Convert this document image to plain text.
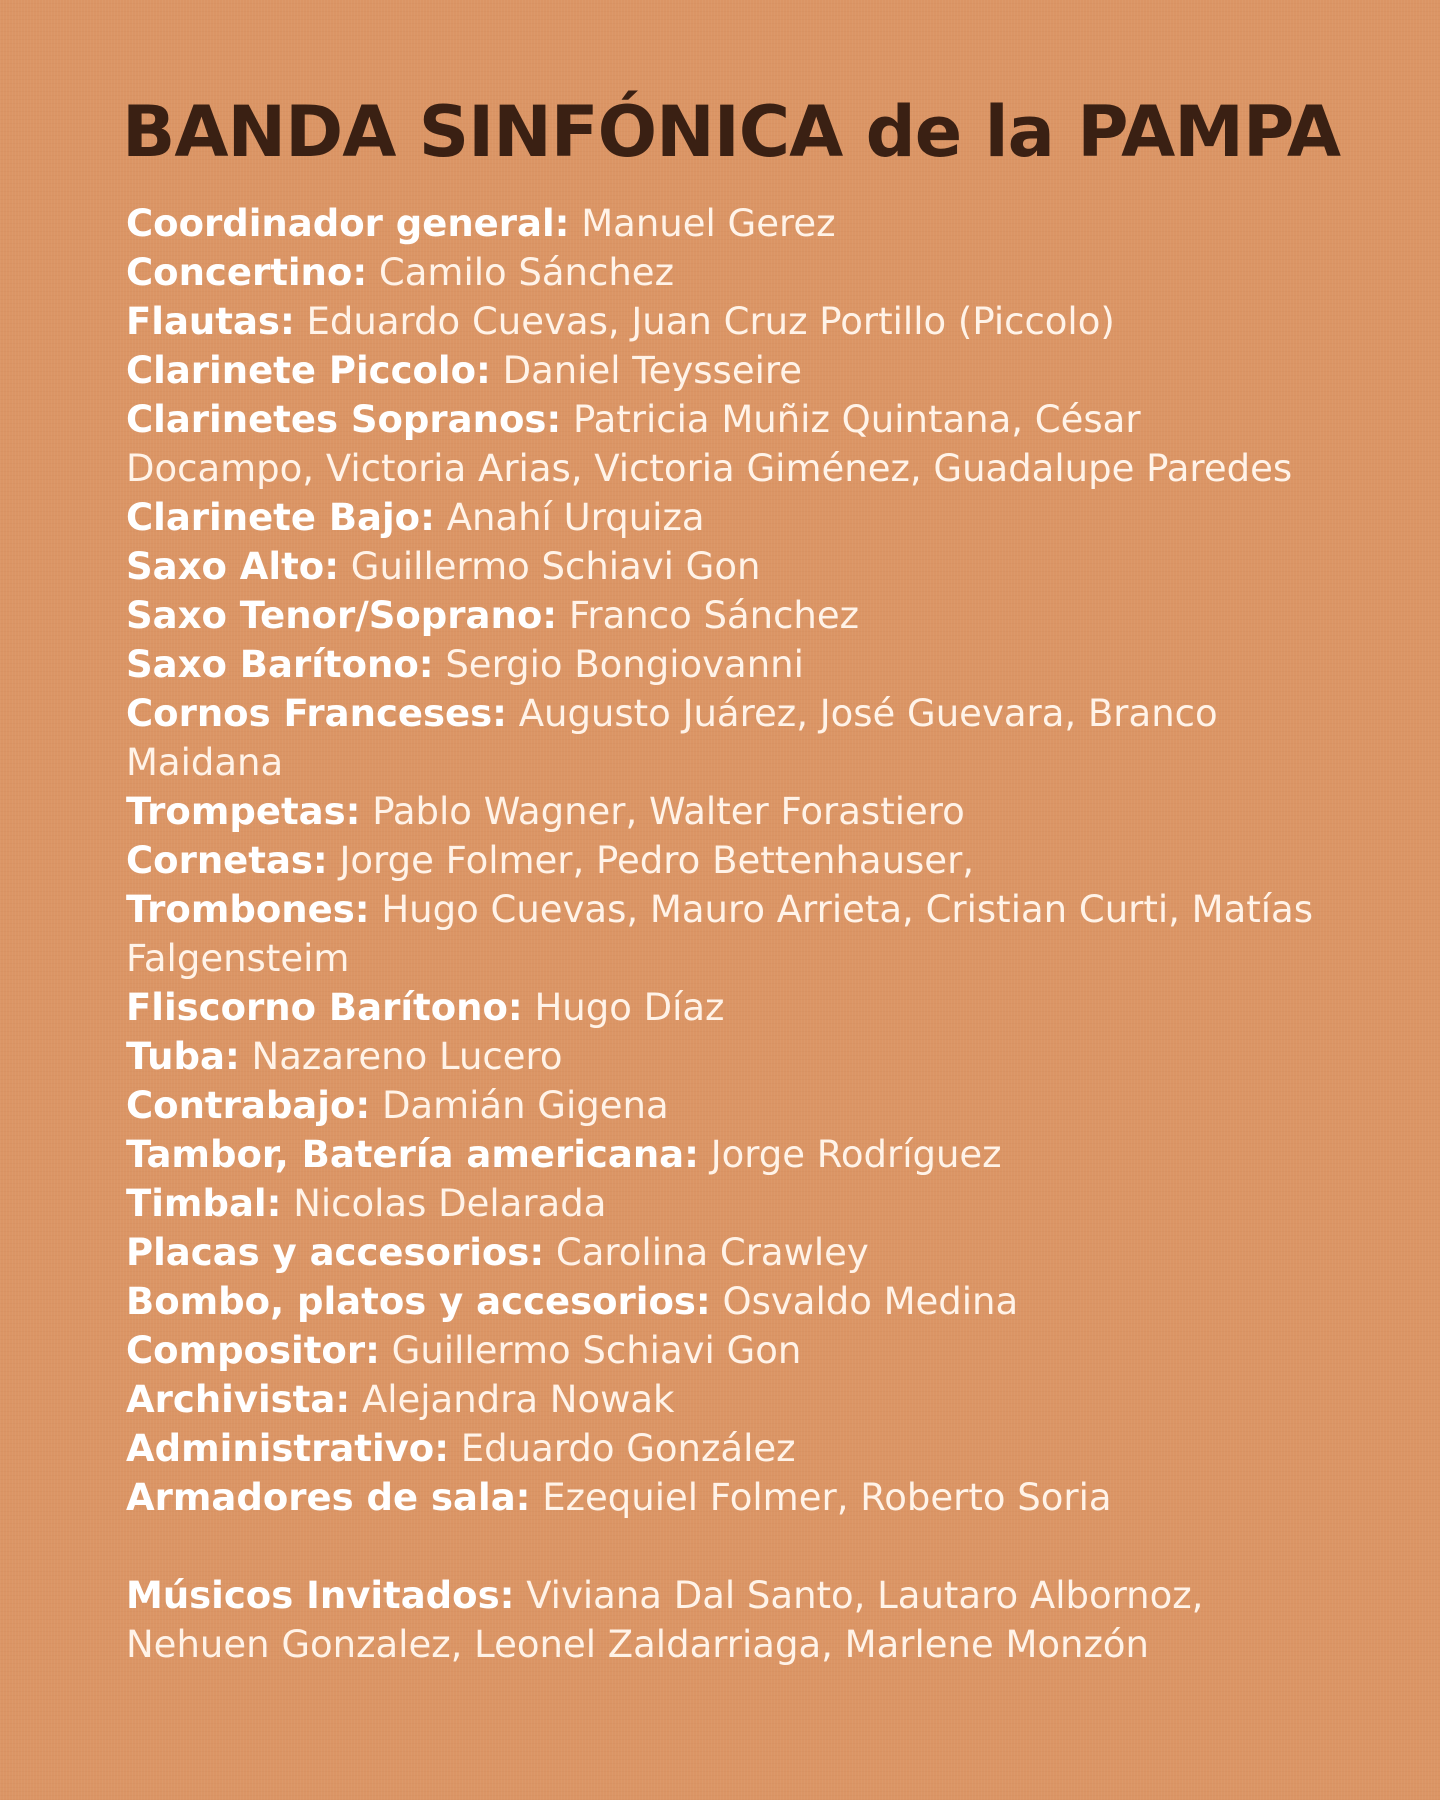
BANDA SINFÓNICA de la PAMPA
Coordinador general: Manuel Gerez
Concertino: Camilo Sánchez
Flautas: Eduardo Cuevas, Juan Cruz Portillo (Piccolo)
Clarinete Piccolo: Daniel Teysseire
Clarinetes Sopranos: Patricia Muñiz Quintana, César Docampo, Victoria Arias, Victoria Giménez, Guadalupe Paredes
Clarinete Bajo: Anahí Urquiza
Saxo Alto: Guillermo Schiavi Gon
Saxo Tenor/Soprano: Franco Sánchez
Saxo Barítono: Sergio Bongiovanni
Cornos Franceses: Augusto Juárez, José Guevara, Branco Maidana
Trompetas: Pablo Wagner, Walter Forastiero
Cornetas: Jorge Folmer, Pedro Bettenhauser,
Trombones: Hugo Cuevas, Mauro Arrieta, Cristian Curti, Matías Falgensteim
Fliscorno Barítono: Hugo Díaz
Tuba: Nazareno Lucero
Contrabajo: Damián Gigena
Tambor, Batería americana: Jorge Rodríguez
Timbal: Nicolas Delarada
Placas y accesorios: Carolina Crawley
Bombo, platos y accesorios: Osvaldo Medina
Compositor: Guillermo Schiavi Gon
Archivista: Alejandra Nowak
Administrativo: Eduardo González
Armadores de sala: Ezequiel Folmer, Roberto Soria
Músicos Invitados: Viviana Dal Santo, Lautaro Albornoz, Nehuen Gonzalez, Leonel Zaldarriaga, Marlene Monzón
